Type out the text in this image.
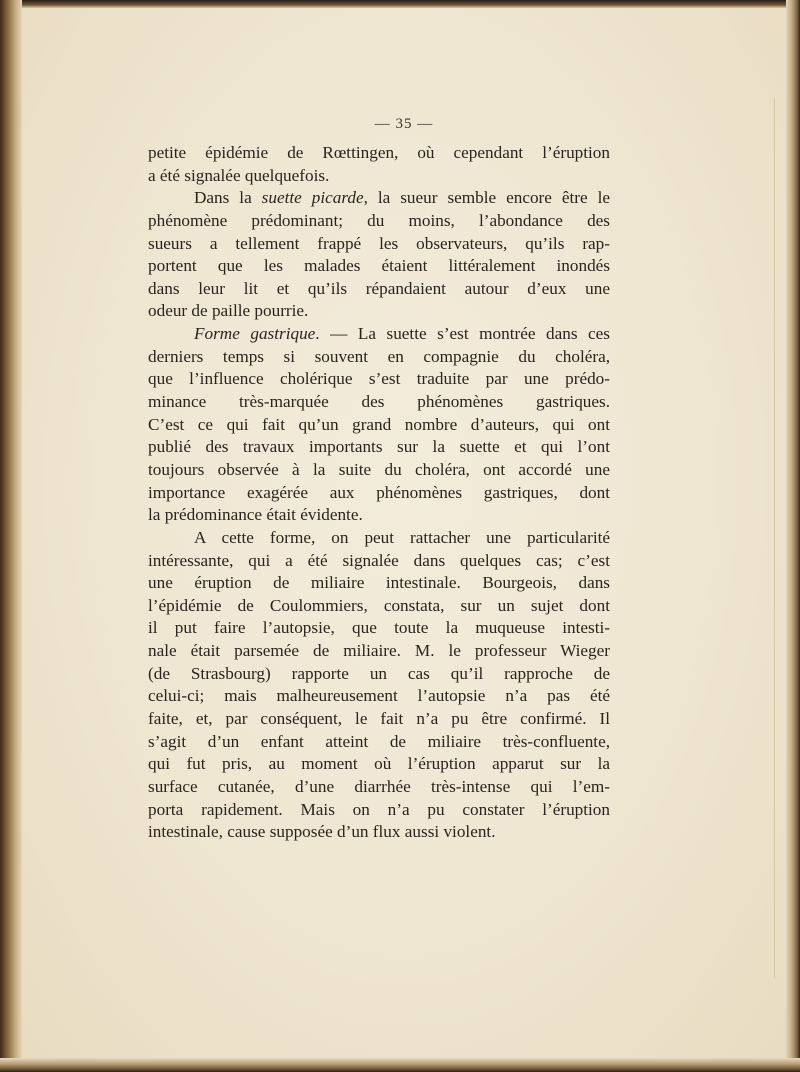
— 35 —
petite épidémie de Rœttingen, où cependant l’éruption
a été signalée quelquefois.
Dans la suette picarde, la sueur semble encore être le
phénomène prédominant; du moins, l’abondance des
sueurs a tellement frappé les observateurs, qu’ils rap-
portent que les malades étaient littéralement inondés
dans leur lit et qu’ils répandaient autour d’eux une
odeur de paille pourrie.
Forme gastrique. — La suette s’est montrée dans ces
derniers temps si souvent en compagnie du choléra,
que l’influence cholérique s’est traduite par une prédo-
minance très-marquée des phénomènes gastriques.
C’est ce qui fait qu’un grand nombre d’auteurs, qui ont
publié des travaux importants sur la suette et qui l’ont
toujours observée à la suite du choléra, ont accordé une
importance exagérée aux phénomènes gastriques, dont
la prédominance était évidente.
A cette forme, on peut rattacher une particularité
intéressante, qui a été signalée dans quelques cas; c’est
une éruption de miliaire intestinale. Bourgeois, dans
l’épidémie de Coulommiers, constata, sur un sujet dont
il put faire l’autopsie, que toute la muqueuse intesti-
nale était parsemée de miliaire. M. le professeur Wieger
(de Strasbourg) rapporte un cas qu’il rapproche de
celui-ci; mais malheureusement l’autopsie n’a pas été
faite, et, par conséquent, le fait n’a pu être confirmé. Il
s’agit d’un enfant atteint de miliaire très-confluente,
qui fut pris, au moment où l’éruption apparut sur la
surface cutanée, d’une diarrhée très-intense qui l’em-
porta rapidement. Mais on n’a pu constater l’éruption
intestinale, cause supposée d’un flux aussi violent.
